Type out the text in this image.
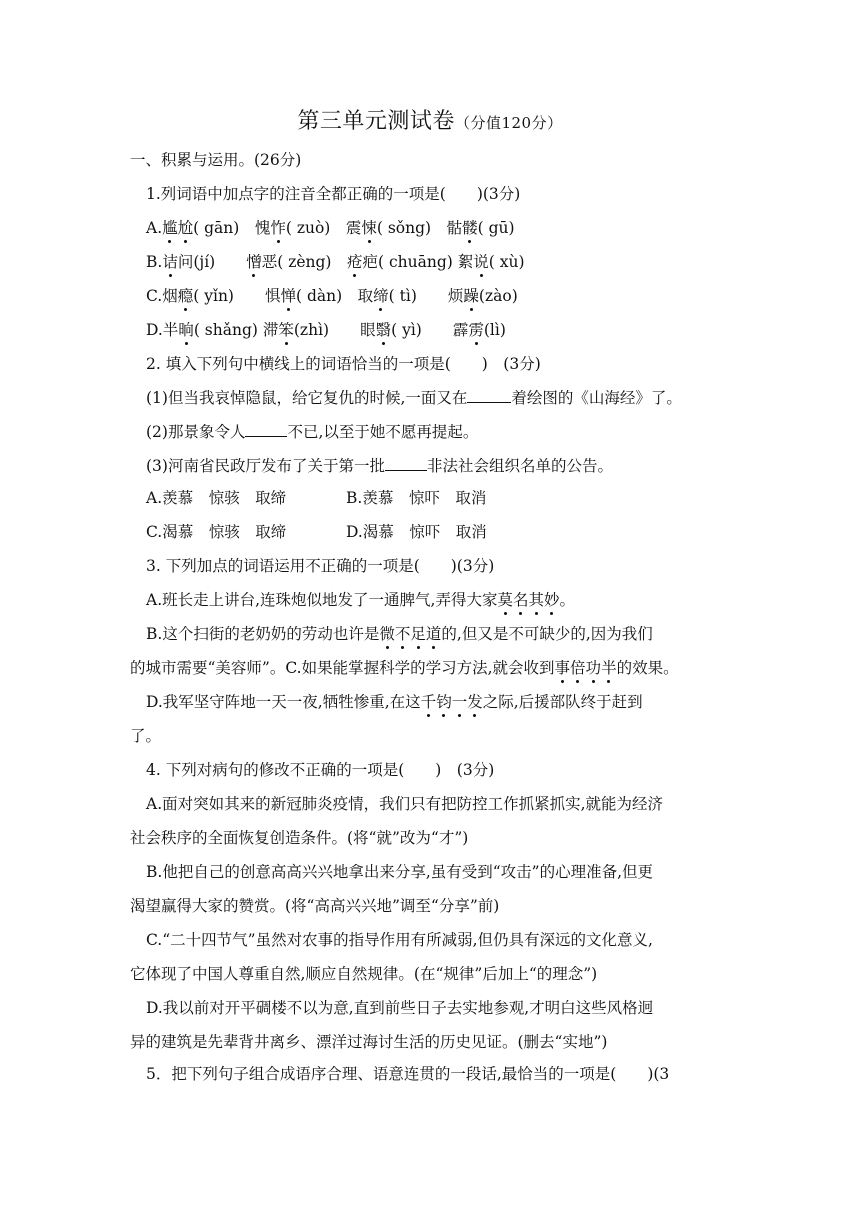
第三单元测试卷（分值120分）
一、积累与运用。(26分)
1.列词语中加点字的注音全都正确的一项是(　　)(3分)
A.尴尬( gān)　愧怍( zuò)　震悚( sǒng)　骷髅( gū)
B.诘问(jí)　　憎恶( zèng)　疮疤( chuāng) 絮说( xù)
C.烟瘾( yǐn)　　惧惮( dàn)　取缔( tì)　　烦躁(zào)
D.半晌( shǎng) 滞笨(zhì)　　眼翳( yì)　　霹雳(lì)
2. 填入下列句中横线上的词语恰当的一项是(　　)　(3分)
(1)但当我哀悼隐鼠，给它复仇的时候,一面又在	着绘图的《山海经》了。
(2)那景象令人	不已,以至于她不愿再提起。
(3)河南省民政厅发布了关于第一批	非法社会组织名单的公告。
A.羡慕　惊骇　取缔	B.羡慕　惊吓　取消
C.渴慕　惊骇　取缔	D.渴慕　惊吓　取消
3. 下列加点的词语运用不正确的一项是(　　)(3分)
A.班长走上讲台,连珠炮似地发了一通脾气,弄得大家莫名其妙。
B.这个扫街的老奶奶的劳动也许是微不足道的,但又是不可缺少的,因为我们
的城市需要“美容师”。C.如果能掌握科学的学习方法,就会收到事倍功半的效果。
D.我军坚守阵地一天一夜,牺牲惨重,在这千钧一发之际,后援部队终于赶到
了。
4. 下列对病句的修改不正确的一项是(　　)　(3分)
A.面对突如其来的新冠肺炎疫情，我们只有把防控工作抓紧抓实,就能为经济
社会秩序的全面恢复创造条件。(将“就”改为“才”)
B.他把自己的创意高高兴兴地拿出来分享,虽有受到“攻击”的心理准备,但更
渴望赢得大家的赞赏。(将“高高兴兴地”调至“分享”前)
C.“二十四节气”虽然对农事的指导作用有所减弱,但仍具有深远的文化意义,
它体现了中国人尊重自然,顺应自然规律。(在“规律”后加上“的理念”)
D.我以前对开平碉楼不以为意,直到前些日子去实地参观,才明白这些风格迥
异的建筑是先辈背井离乡、漂洋过海讨生活的历史见证。(删去“实地”)
5．把下列句子组合成语序合理、语意连贯的一段话,最恰当的一项是(　　)(3
